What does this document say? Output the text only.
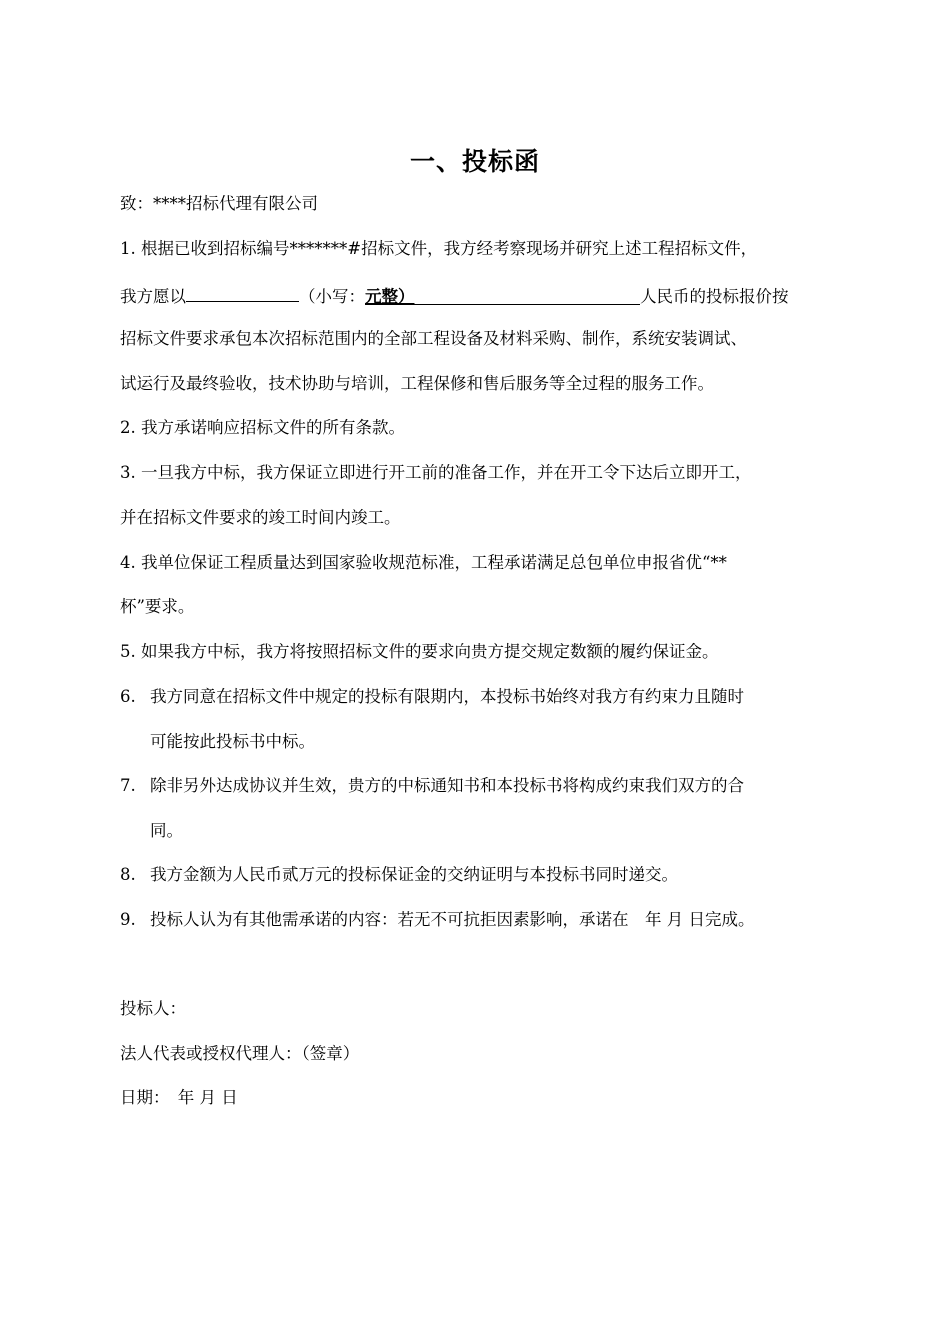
一、投标函
致：****招标代理有限公司
1. 根据已收到招标编号*******#招标文件，我方经考察现场并研究上述工程招标文件，
我方愿以	（小写：元整）	人民币的投标报价按
招标文件要求承包本次招标范围内的全部工程设备及材料采购、制作，系统安装调试、
试运行及最终验收，技术协助与培训，工程保修和售后服务等全过程的服务工作。
2. 我方承诺响应招标文件的所有条款。
3. 一旦我方中标，我方保证立即进行开工前的准备工作，并在开工令下达后立即开工，
并在招标文件要求的竣工时间内竣工。
4. 我单位保证工程质量达到国家验收规范标准，工程承诺满足总包单位申报省优“**
杯”要求。
5. 如果我方中标，我方将按照招标文件的要求向贵方提交规定数额的履约保证金。
6. 我方同意在招标文件中规定的投标有限期内，本投标书始终对我方有约束力且随时
可能按此投标书中标。
7. 除非另外达成协议并生效，贵方的中标通知书和本投标书将构成约束我们双方的合
同。
8. 我方金额为人民币贰万元的投标保证金的交纳证明与本投标书同时递交。
9. 投标人认为有其他需承诺的内容：若无不可抗拒因素影响，承诺在　年 月 日完成。
投标人：
法人代表或授权代理人：（签章）
日期：　年 月 日
